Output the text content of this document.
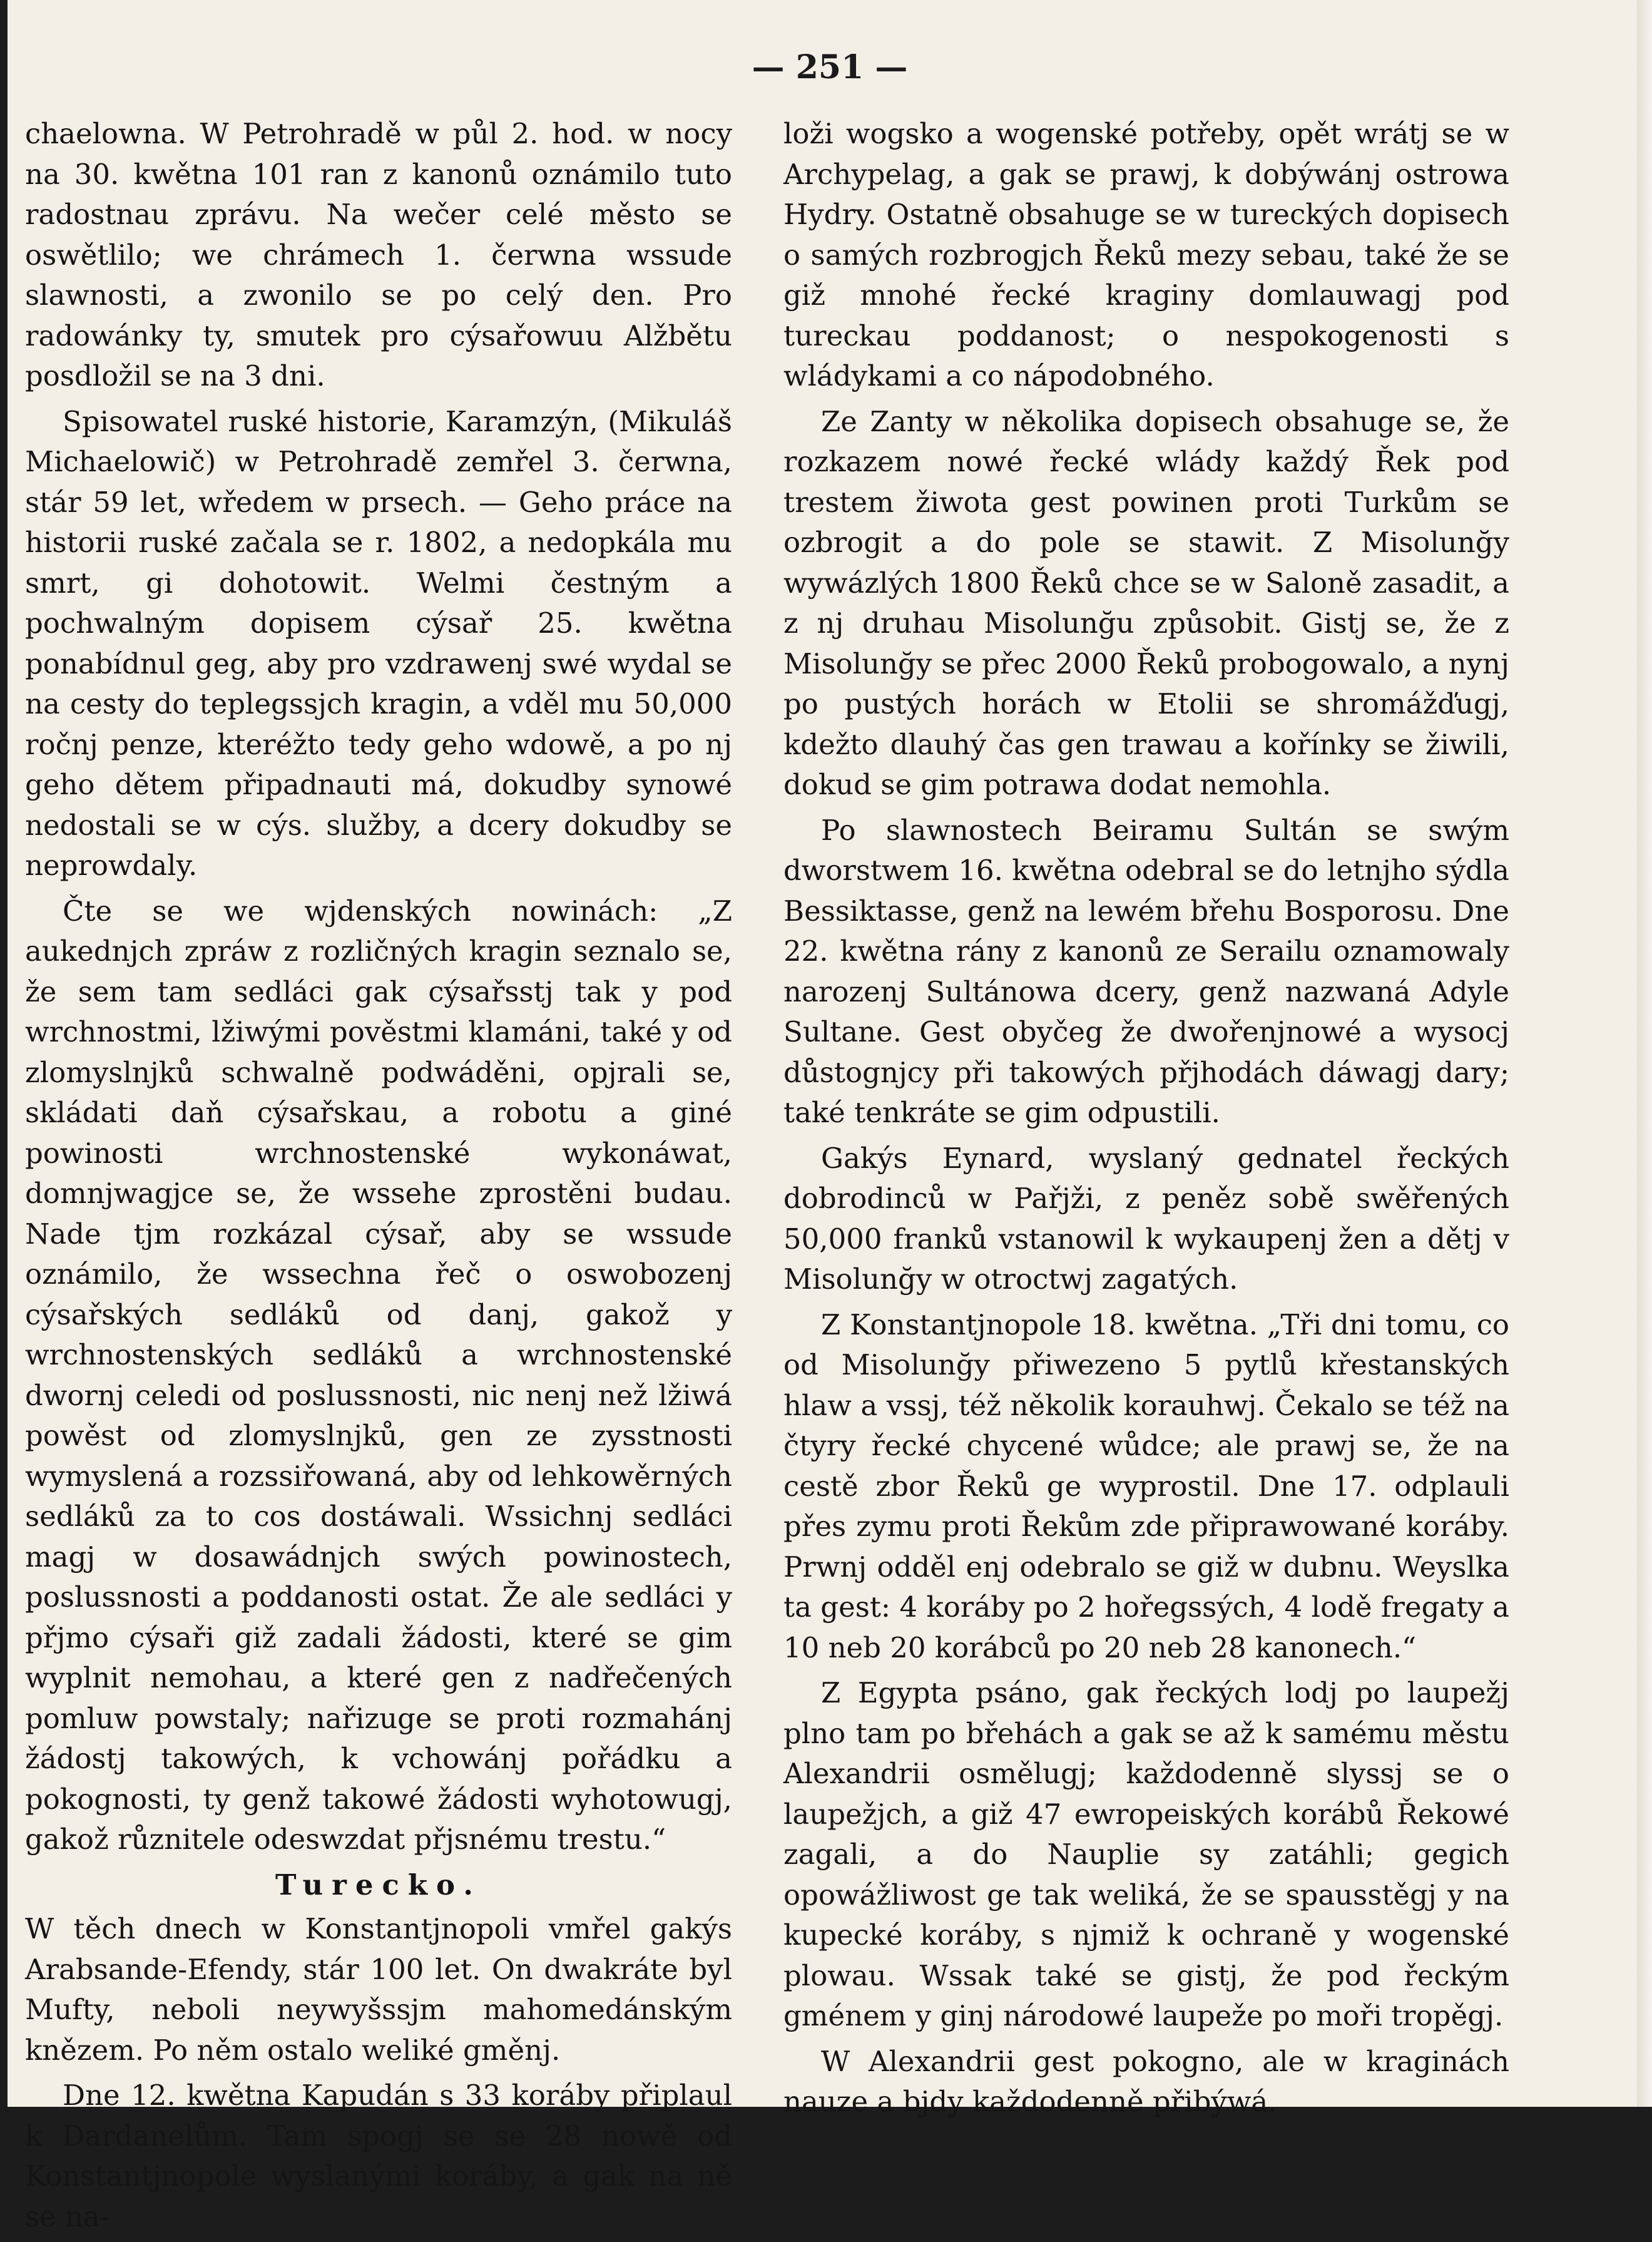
— 251 —

chaelowna. W Petrohradě w půl 2. hod. w nocy na 30. kwětna 101 ran z kanonů oznámilo tuto radostnau zprávu. Na wečer celé město se oswětlilo; we chrámech 1. čerwna wssude slawnosti, a zwonilo se po celý den. Pro radowánky ty, smutek pro cýsařowuu Alžbětu posdložil se na 3 dni.

Spisowatel ruské historie, Karamzýn, (Mikuláš Michaelowič) w Petrohradě zemřel 3. čerwna, stár 59 let, wředem w prsech. — Geho práce na historii ruské začala se r. 1802, a nedopkála mu smrt, gi dohotowit. Welmi čestným a pochwalným dopisem cýsař 25. kwětna ponabídnul geg, aby pro vzdrawenj swé wydal se na cesty do teplegssjch kragin, a vděl mu 50,000 ročnj penze, kteréžto tedy geho wdowě, a po nj geho dětem připadnauti má, dokudby synowé nedostali se w cýs. služby, a dcery dokudby se neprowdaly.

Čte se we wjdenských nowinách: „Z aukednjch zpráw z rozličných kragin seznalo se, že sem tam sedláci gak cýsařsstj tak y pod wrchnostmi, lžiwými pověstmi klamáni, také y od zlomyslnjků schwalně podwáděni, opjrali se, skládati daň cýsařskau, a robotu a giné powinosti wrchnostenské wykonáwat, domnjwagjce se, že wssehe zprostěni budau. Nade tjm rozkázal cýsař, aby se wssude oznámilo, že wssechna řeč o oswobozenj cýsařských sedláků od danj, gakož y wrchnostenských sedláků a wrchnostenské dwornj celedi od poslussnosti, nic nenj než lžiwá powěst od zlomyslnjků, gen ze zysstnosti wymyslená a rozssiřowaná, aby od lehkowěrných sedláků za to cos dostáwali. Wssichnj sedláci magj w dosawádnjch swých powinostech, poslussnosti a poddanosti ostat. Že ale sedláci y přjmo cýsaři giž zadali žádosti, které se gim wyplnit nemohau, a které gen z nadřečených pomluw powstaly; nařizuge se proti rozmahánj žádostj takowých, k vchowánj pořádku a pokognosti, ty genž takowé žádosti wyhotowugj, gakož různitele odeswzdat přjsnému trestu.“

Turecko.

W těch dnech w Konstantjnopoli vmřel gakýs Arabsande-Efendy, stár 100 let. On dwakráte byl Mufty, neboli neywyšssjm mahomedánským knězem. Po něm ostalo weliké gměnj.

Dne 12. kwětna Kapudán s 33 koráby připlaul k Dardanelům. Tam spogj se se 28 nowě od Konstantjnopole wyslanými koráby, a gak na ně se na-

loži wogsko a wogenské potřeby, opět wrátj se w Archypelag, a gak se prawj, k dobýwánj ostrowa Hydry. Ostatně obsahuge se w tureckých dopisech o samých rozbrogjch Řeků mezy sebau, také že se giž mnohé řecké kraginy domlauwagj pod tureckau poddanost; o nespokogenosti s wládykami a co nápodobného.

Ze Zanty w několika dopisech obsahuge se, že rozkazem nowé řecké wlády každý Řek pod trestem žiwota gest powinen proti Turkům se ozbrogit a do pole se stawit. Z Misolunğy wywázlých 1800 Řeků chce se w Saloně zasadit, a z nj druhau Misolunğu způsobit. Gistj se, že z Misolunğy se přec 2000 Řeků probogowalo, a nynj po pustých horách w Etolii se shromážďugj, kdežto dlauhý čas gen trawau a kořínky se žiwili, dokud se gim potrawa dodat nemohla.

Po slawnostech Beiramu Sultán se swým dworstwem 16. kwětna odebral se do letnjho sýdla Bessiktasse, genž na lewém břehu Bosporosu. Dne 22. kwětna rány z kanonů ze Serailu oznamowaly narozenj Sultánowa dcery, genž nazwaná Adyle Sultane. Gest obyčeg že dwořenjnowé a wysocj důstognjcy při takowých přjhodách dáwagj dary; také tenkráte se gim odpustili.

Gakýs Eynard, wyslaný gednatel řeckých dobrodinců w Pařjži, z peněz sobě swěřených 50,000 franků vstanowil k wykaupenj žen a dětj v Misolunğy w otroctwj zagatých.

Z Konstantjnopole 18. kwětna. „Tři dni tomu, co od Misolunğy přiwezeno 5 pytlů křestanských hlaw a vssj, též několik korauhwj. Čekalo se též na čtyry řecké chycené wůdce; ale prawj se, že na cestě zbor Řeků ge wyprostil. Dne 17. odplauli přes zymu proti Řekům zde připrawowané koráby. Prwnj odděl enj odebralo se giž w dubnu. Weyslka ta gest: 4 koráby po 2 hořegssých, 4 lodě fregaty a 10 neb 20 korábců po 20 neb 28 kanonech.“

Z Egypta psáno, gak řeckých lodj po laupežj plno tam po břehách a gak se až k samému městu Alexandrii osmělugj; každodenně slyssj se o laupežjch, a giž 47 ewropeiských korábů Řekowé zagali, a do Nauplie sy zatáhli; gegich opowážliwost ge tak weliká, že se spausstěgj y na kupecké koráby, s njmiž k ochraně y wogenské plowau. Wssak také se gistj, že pod řeckým gménem y ginj národowé laupeže po moři tropěgj.

W Alexandrii gest pokogno, ale w kraginách nauze a bjdy každodenně přibýwá.
